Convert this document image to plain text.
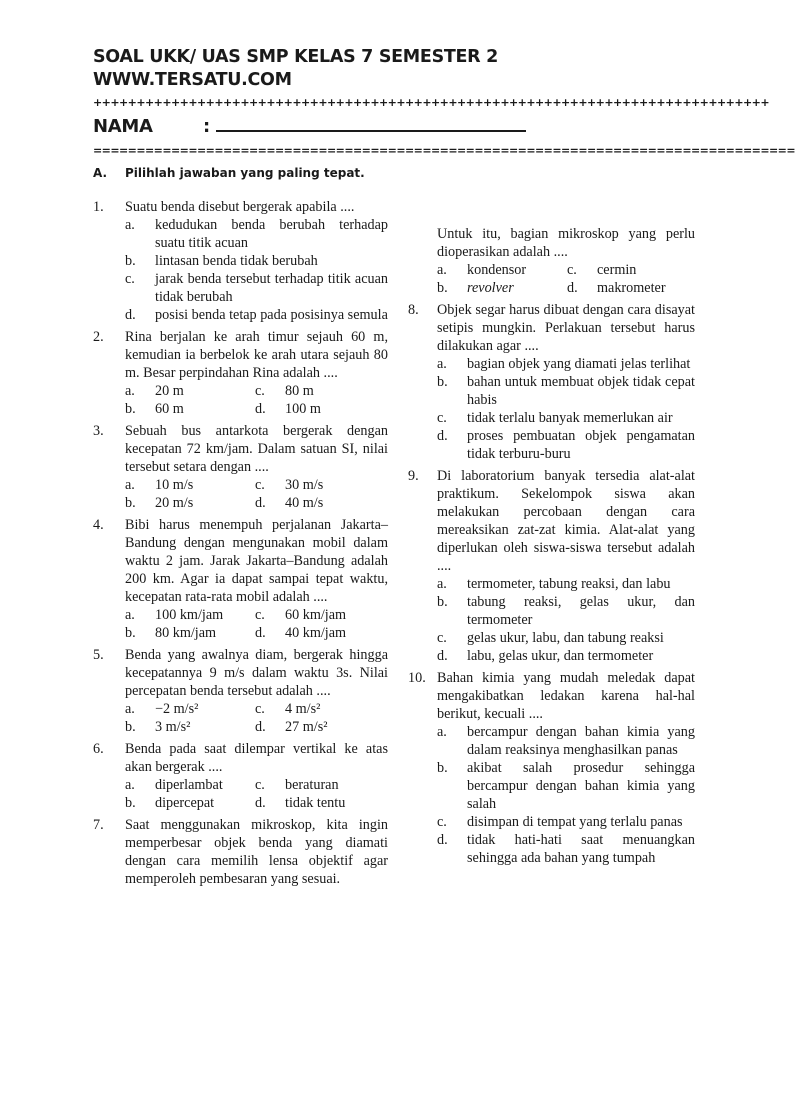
SOAL UKK/ UAS SMP KELAS 7 SEMESTER 2
WWW.TERSATU.COM
++++++++++++++++++++++++++++++++++++++++++++++++++++++++++++++++++++++++++++++
NAMA	:
=================================================================================
A. Pilihlah jawaban yang paling tepat.
1. Suatu benda disebut bergerak apabila ....
a. kedudukan benda berubah terhadap suatu titik acuan
b. lintasan benda tidak berubah
c. jarak benda tersebut terhadap titik acuan tidak berubah
d. posisi benda tetap pada posisinya semula
2. Rina berjalan ke arah timur sejauh 60 m, kemudian ia berbelok ke arah utara sejauh 80 m. Besar perpindahan Rina adalah ....
a.	20 m	c.	80 m
b.	60 m	d.	100 m
3. Sebuah bus antarkota bergerak dengan kecepatan 72 km/jam. Dalam satuan SI, nilai tersebut setara dengan ....
a.	10 m/s	c.	30 m/s
b.	20 m/s	d.	40 m/s
4. Bibi harus menempuh perjalanan Jakarta–Bandung dengan mengunakan mobil dalam waktu 2 jam. Jarak Jakarta–Bandung adalah 200 km. Agar ia dapat sampai tepat waktu, kecepatan rata-rata mobil adalah ....
a.	100 km/jam	c.	60 km/jam
b.	80 km/jam	d.	40 km/jam
5. Benda yang awalnya diam, bergerak hingga kecepatannya 9 m/s dalam waktu 3s. Nilai percepatan benda tersebut adalah ....
a.	−2 m/s²	c.	4 m/s²
b.	3 m/s²	d.	27 m/s²
6. Benda pada saat dilempar vertikal ke atas akan bergerak ....
a.	diperlambat	c.	beraturan
b.	dipercepat	d.	tidak tentu
7. Saat menggunakan mikroskop, kita ingin memperbesar objek benda yang diamati dengan cara memilih lensa objektif agar memperoleh pembesaran yang sesuai.
Untuk itu, bagian mikroskop yang perlu dioperasikan adalah ....
a.	kondensor	c.	cermin
b.	revolver	d.	makrometer
8. Objek segar harus dibuat dengan cara disayat setipis mungkin. Perlakuan tersebut harus dilakukan agar ....
a. bagian objek yang diamati jelas terlihat
b. bahan untuk membuat objek tidak cepat habis
c. tidak terlalu banyak memerlukan air
d. proses pembuatan objek pengamatan tidak terburu-buru
9. Di laboratorium banyak tersedia alat-alat praktikum. Sekelompok siswa akan melakukan percobaan dengan cara mereaksikan zat-zat kimia. Alat-alat yang diperlukan oleh siswa-siswa tersebut adalah ....
a. termometer, tabung reaksi, dan labu
b. tabung reaksi, gelas ukur, dan termometer
c. gelas ukur, labu, dan tabung reaksi
d. labu, gelas ukur, dan termometer
10. Bahan kimia yang mudah meledak dapat mengakibatkan ledakan karena hal-hal berikut, kecuali ....
a. bercampur dengan bahan kimia yang dalam reaksinya menghasilkan panas
b. akibat salah prosedur sehingga bercampur dengan bahan kimia yang salah
c. disimpan di tempat yang terlalu panas
d. tidak hati-hati saat menuangkan sehingga ada bahan yang tumpah
